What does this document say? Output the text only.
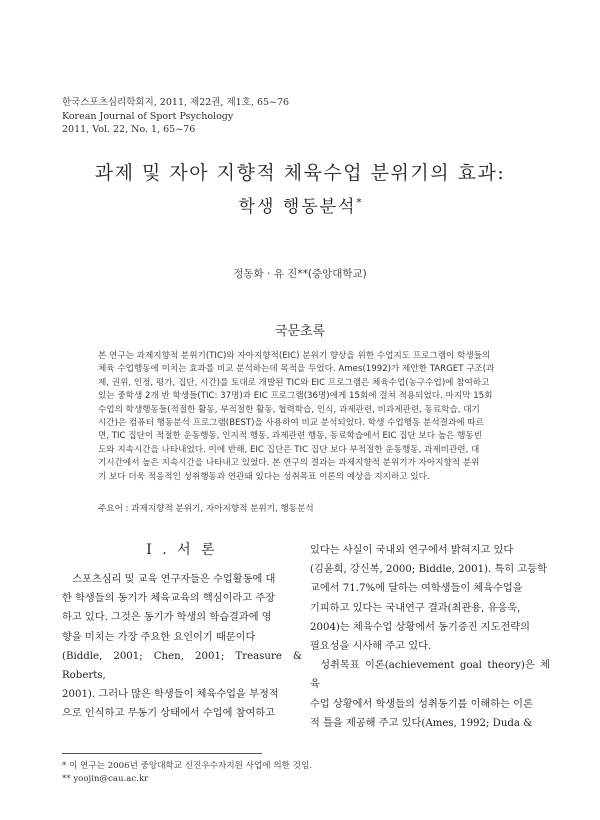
한국스포츠심리학회지, 2011, 제22권, 제1호, 65~76
Korean Journal of Sport Psychology
2011, Vol. 22, No. 1, 65~76
과제 및 자아 지향적 체육수업 분위기의 효과:
학생 행동분석*
정동화 · 유 진**(중앙대학교)
국문초록
본 연구는 과제지향적 분위기(TIC)와 자아지향적(EIC) 분위기 향상을 위한 수업지도 프로그램이 학생들의
체육 수업행동에 미치는 효과를 비교 분석하는데 목적을 두었다. Ames(1992)가 제안한 TARGET 구조(과
제, 권위, 인정, 평가, 집단, 시간)를 토대로 개발된 TIC와 EIC 프로그램은 체육수업(농구수업)에 참여하고
있는 중학생 2개 반 학생들(TIC: 37명)과 EIC 프로그램(36명)에게 15회에 걸쳐 적용되었다. 마지막 15회
수업의 학생행동들(적절한 활동, 부적절한 활동, 협력학습, 인식, 과제관련, 비과제관련, 동료학습, 대기
시간)은 컴퓨터 행동분석 프로그램(BEST)을 사용하여 비교 분석되었다. 학생 수업행동 분석결과에 따르
면, TIC 집단이 적절한 운동행동, 인지적 행동, 과제관련 행동, 동료학습에서 EIC 집단 보다 높은 행동빈
도와 지속시간을 나타내었다. 이에 반해, EIC 집단은 TIC 집단 보다 부적절한 운동행동, 과제비관련, 대
기시간에서 높은 지속시간을 나타내고 있었다. 본 연구의 결과는 과제지향적 분위기가 자아지향적 분위
기 보다 더욱 적응적인 성취행동과 연관돼 있다는 성취목표 이론의 예상을 지지하고 있다.
주요어 : 과제지향적 분위기, 자아지향적 분위기, 행동분석
I . 서 론

스포츠심리 및 교육 연구자들은 수업활동에 대

한 학생들의 동기가 체육교육의 핵심이라고 주장

하고 있다. 그것은 동기가 학생의 학습결과에 영

향을 미치는 가장 주요한 요인이기 때문이다

(Biddle, 2001; Chen, 2001; Treasure & Roberts,

2001). 그러나 많은 학생들이 체육수업을 부정적

으로 인식하고 무동기 상태에서 수업에 참여하고

있다는 사실이 국내외 연구에서 밝혀지고 있다

(김윤희, 강신복, 2000; Biddle, 2001). 특히 고등학

교에서 71.7%에 달하는 여학생들이 체육수업을

기피하고 있다는 국내연구 결과(최관용, 유응욱,

2004)는 체육수업 상황에서 동기증진 지도전략의

필요성을 시사해 주고 있다.

성취목표 이론(achievement goal theory)은 체육

수업 상황에서 학생들의 성취동기를 이해하는 이론

적 틀을 제공해 주고 있다(Ames, 1992; Duda &

* 이 연구는 2006년 중앙대학교 신진우수자지원 사업에 의한 것임.
** yoojin@cau.ac.kr
